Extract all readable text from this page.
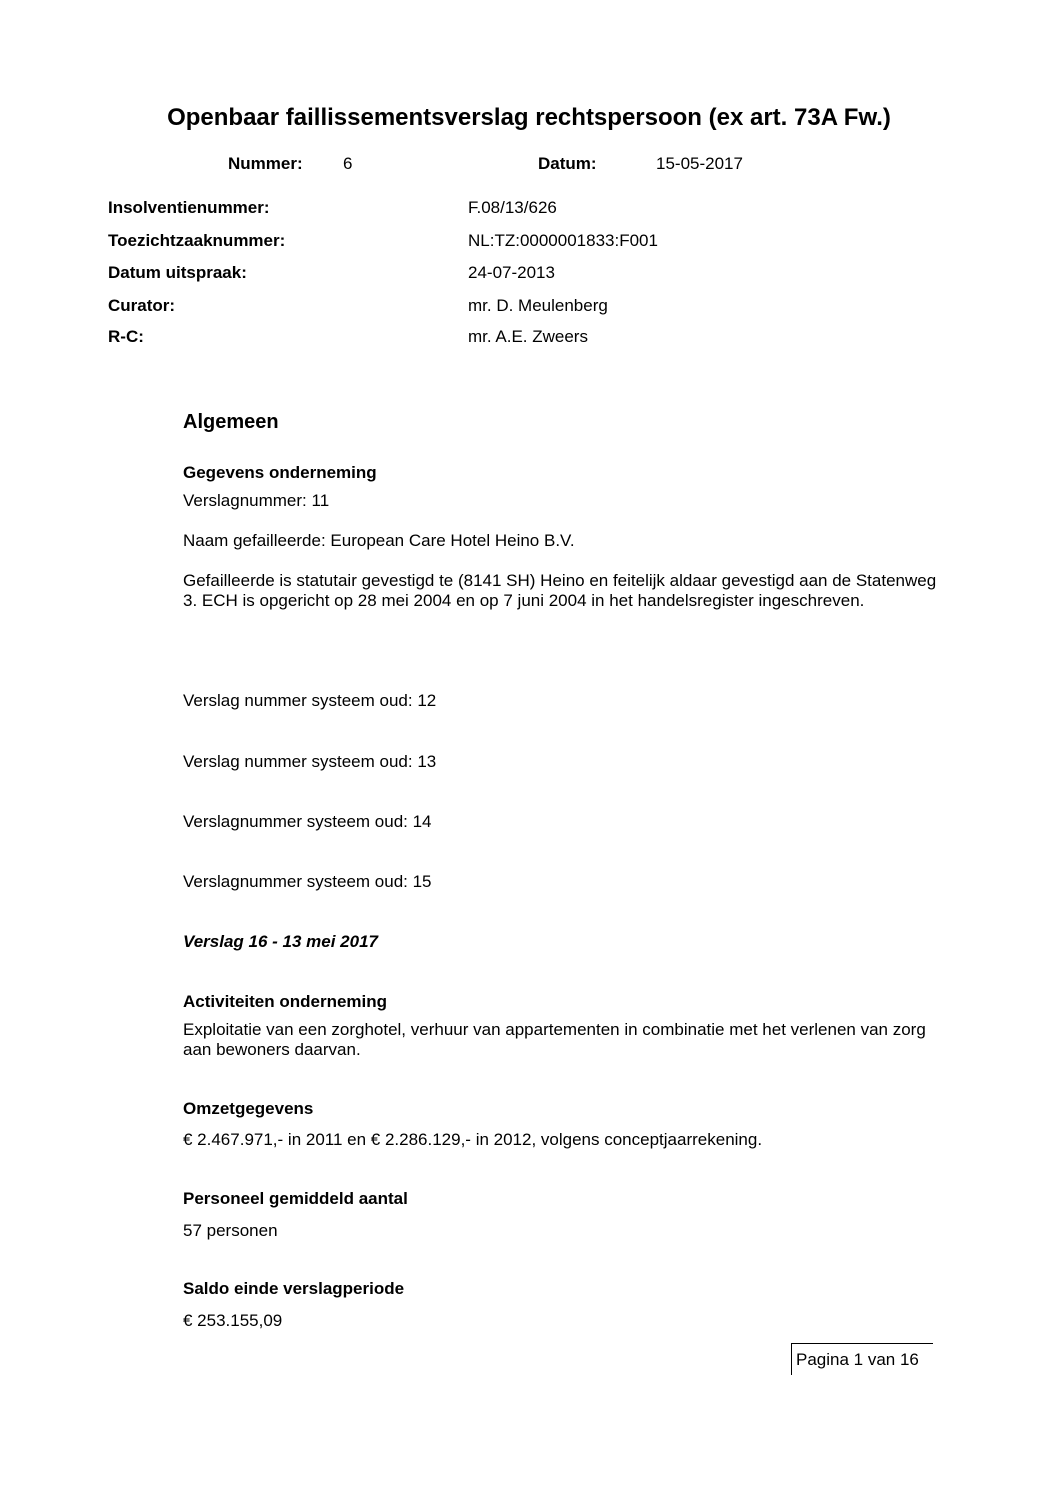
Openbaar faillissementsverslag rechtspersoon (ex art. 73A Fw.)
Nummer: 6	Datum:	15-05-2017
Insolventienummer:	F.08/13/626
Toezichtzaaknummer:	NL:TZ:0000001833:F001
Datum uitspraak:	24-07-2013
Curator:	mr. D. Meulenberg
R-C:	mr. A.E. Zweers
Algemeen
Gegevens onderneming
Verslagnummer: 11
Naam gefailleerde: European Care Hotel Heino B.V.
Gefailleerde is statutair gevestigd te (8141 SH) Heino en feitelijk aldaar gevestigd aan de Statenweg 3. ECH is opgericht op 28 mei 2004 en op 7 juni 2004 in het handelsregister ingeschreven.
Verslag nummer systeem oud: 12
Verslag nummer systeem oud: 13
Verslagnummer systeem oud: 14
Verslagnummer systeem oud: 15
Verslag 16 - 13 mei 2017
Activiteiten onderneming
Exploitatie van een zorghotel, verhuur van appartementen in combinatie met het verlenen van zorg aan bewoners daarvan.
Omzetgegevens
€ 2.467.971,- in 2011 en € 2.286.129,- in 2012, volgens conceptjaarrekening.
Personeel gemiddeld aantal
57 personen
Saldo einde verslagperiode
€ 253.155,09
Pagina 1 van 16
